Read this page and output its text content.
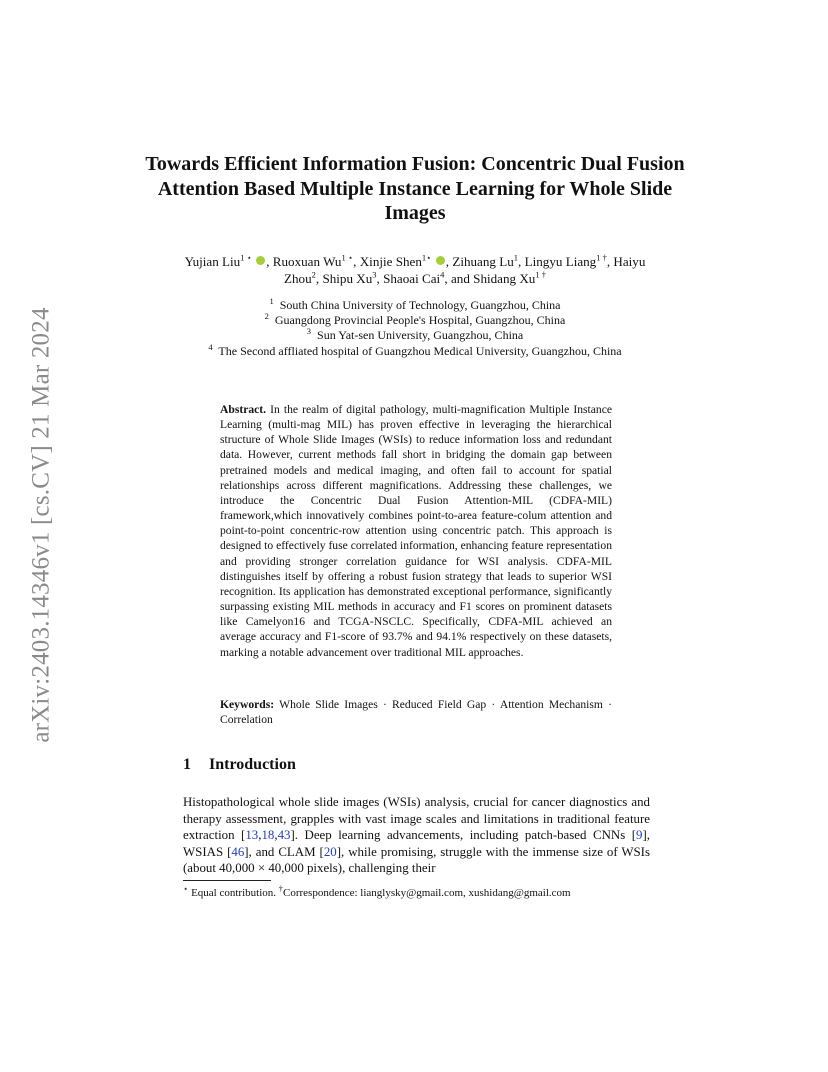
arXiv:2403.14346v1 [cs.CV] 21 Mar 2024
Towards Efficient Information Fusion: Concentric Dual Fusion Attention Based Multiple Instance Learning for Whole Slide Images
Yujian Liu$^{1 ⋆}$ , Ruoxuan $Wu^{1 ⋆}$, Xinjie Shen$^{1⋆}$ , Zihuang Lu$^1$, Lingyu Liang$^{1 \dagger}$, Haiyu Zhou$^2$, Shipu Xu$^3$, Shaoai Cai$^4$, and Shidang $Xu^{1 \dagger}$
$^1$ South China University of Technology, Guangzhou, China
$^2$ Guangdong Provincial People's Hospital, Guangzhou, China
$^3$ Sun Yat-sen University, Guangzhou, China
$^4$ The Second affliated hospital of Guangzhou Medical University, Guangzhou, China
Abstract. In the realm of digital pathology, multi-magnification Multiple Instance Learning (multi-mag MIL) has proven effective in leveraging the hierarchical structure of Whole Slide Images (WSIs) to reduce information loss and redundant data. However, current methods fall short in bridging the domain gap between pretrained models and medical imaging, and often fail to account for spatial relationships across different magnifications. Addressing these challenges, we introduce the Concentric Dual Fusion Attention-MIL (CDFA-MIL) framework,which innovatively combines point-to-area feature-colum attention and point-to-point concentric-row attention using concentric patch. This approach is designed to effectively fuse correlated information, enhancing feature representation and providing stronger correlation guidance for WSI analysis. CDFA-MIL distinguishes itself by offering a robust fusion strategy that leads to superior WSI recognition. Its application has demonstrated exceptional performance, significantly surpassing existing MIL methods in accuracy and F1 scores on prominent datasets like Camelyon16 and TCGA-NSCLC. Specifically, CDFA-MIL achieved an average accuracy and F1-score of 93.7% and 94.1% respectively on these datasets, marking a notable advancement over traditional MIL approaches.
Keywords: Whole Slide Images · Reduced Field Gap · Attention Mechanism · Correlation
1 Introduction
Histopathological whole slide images (WSIs) analysis, crucial for cancer diagnostics and therapy assessment, grapples with vast image scales and limitations in traditional feature extraction [13,18,43]. Deep learning advancements, including patch-based CNNs [9], WSIAS [46], and CLAM [20], while promising, struggle with the immense size of WSIs (about 40,000 × 40,000 pixels), challenging their
⋆ Equal contribution. †Correspondence: lianglysky@gmail.com, xushidang@gmail.com
